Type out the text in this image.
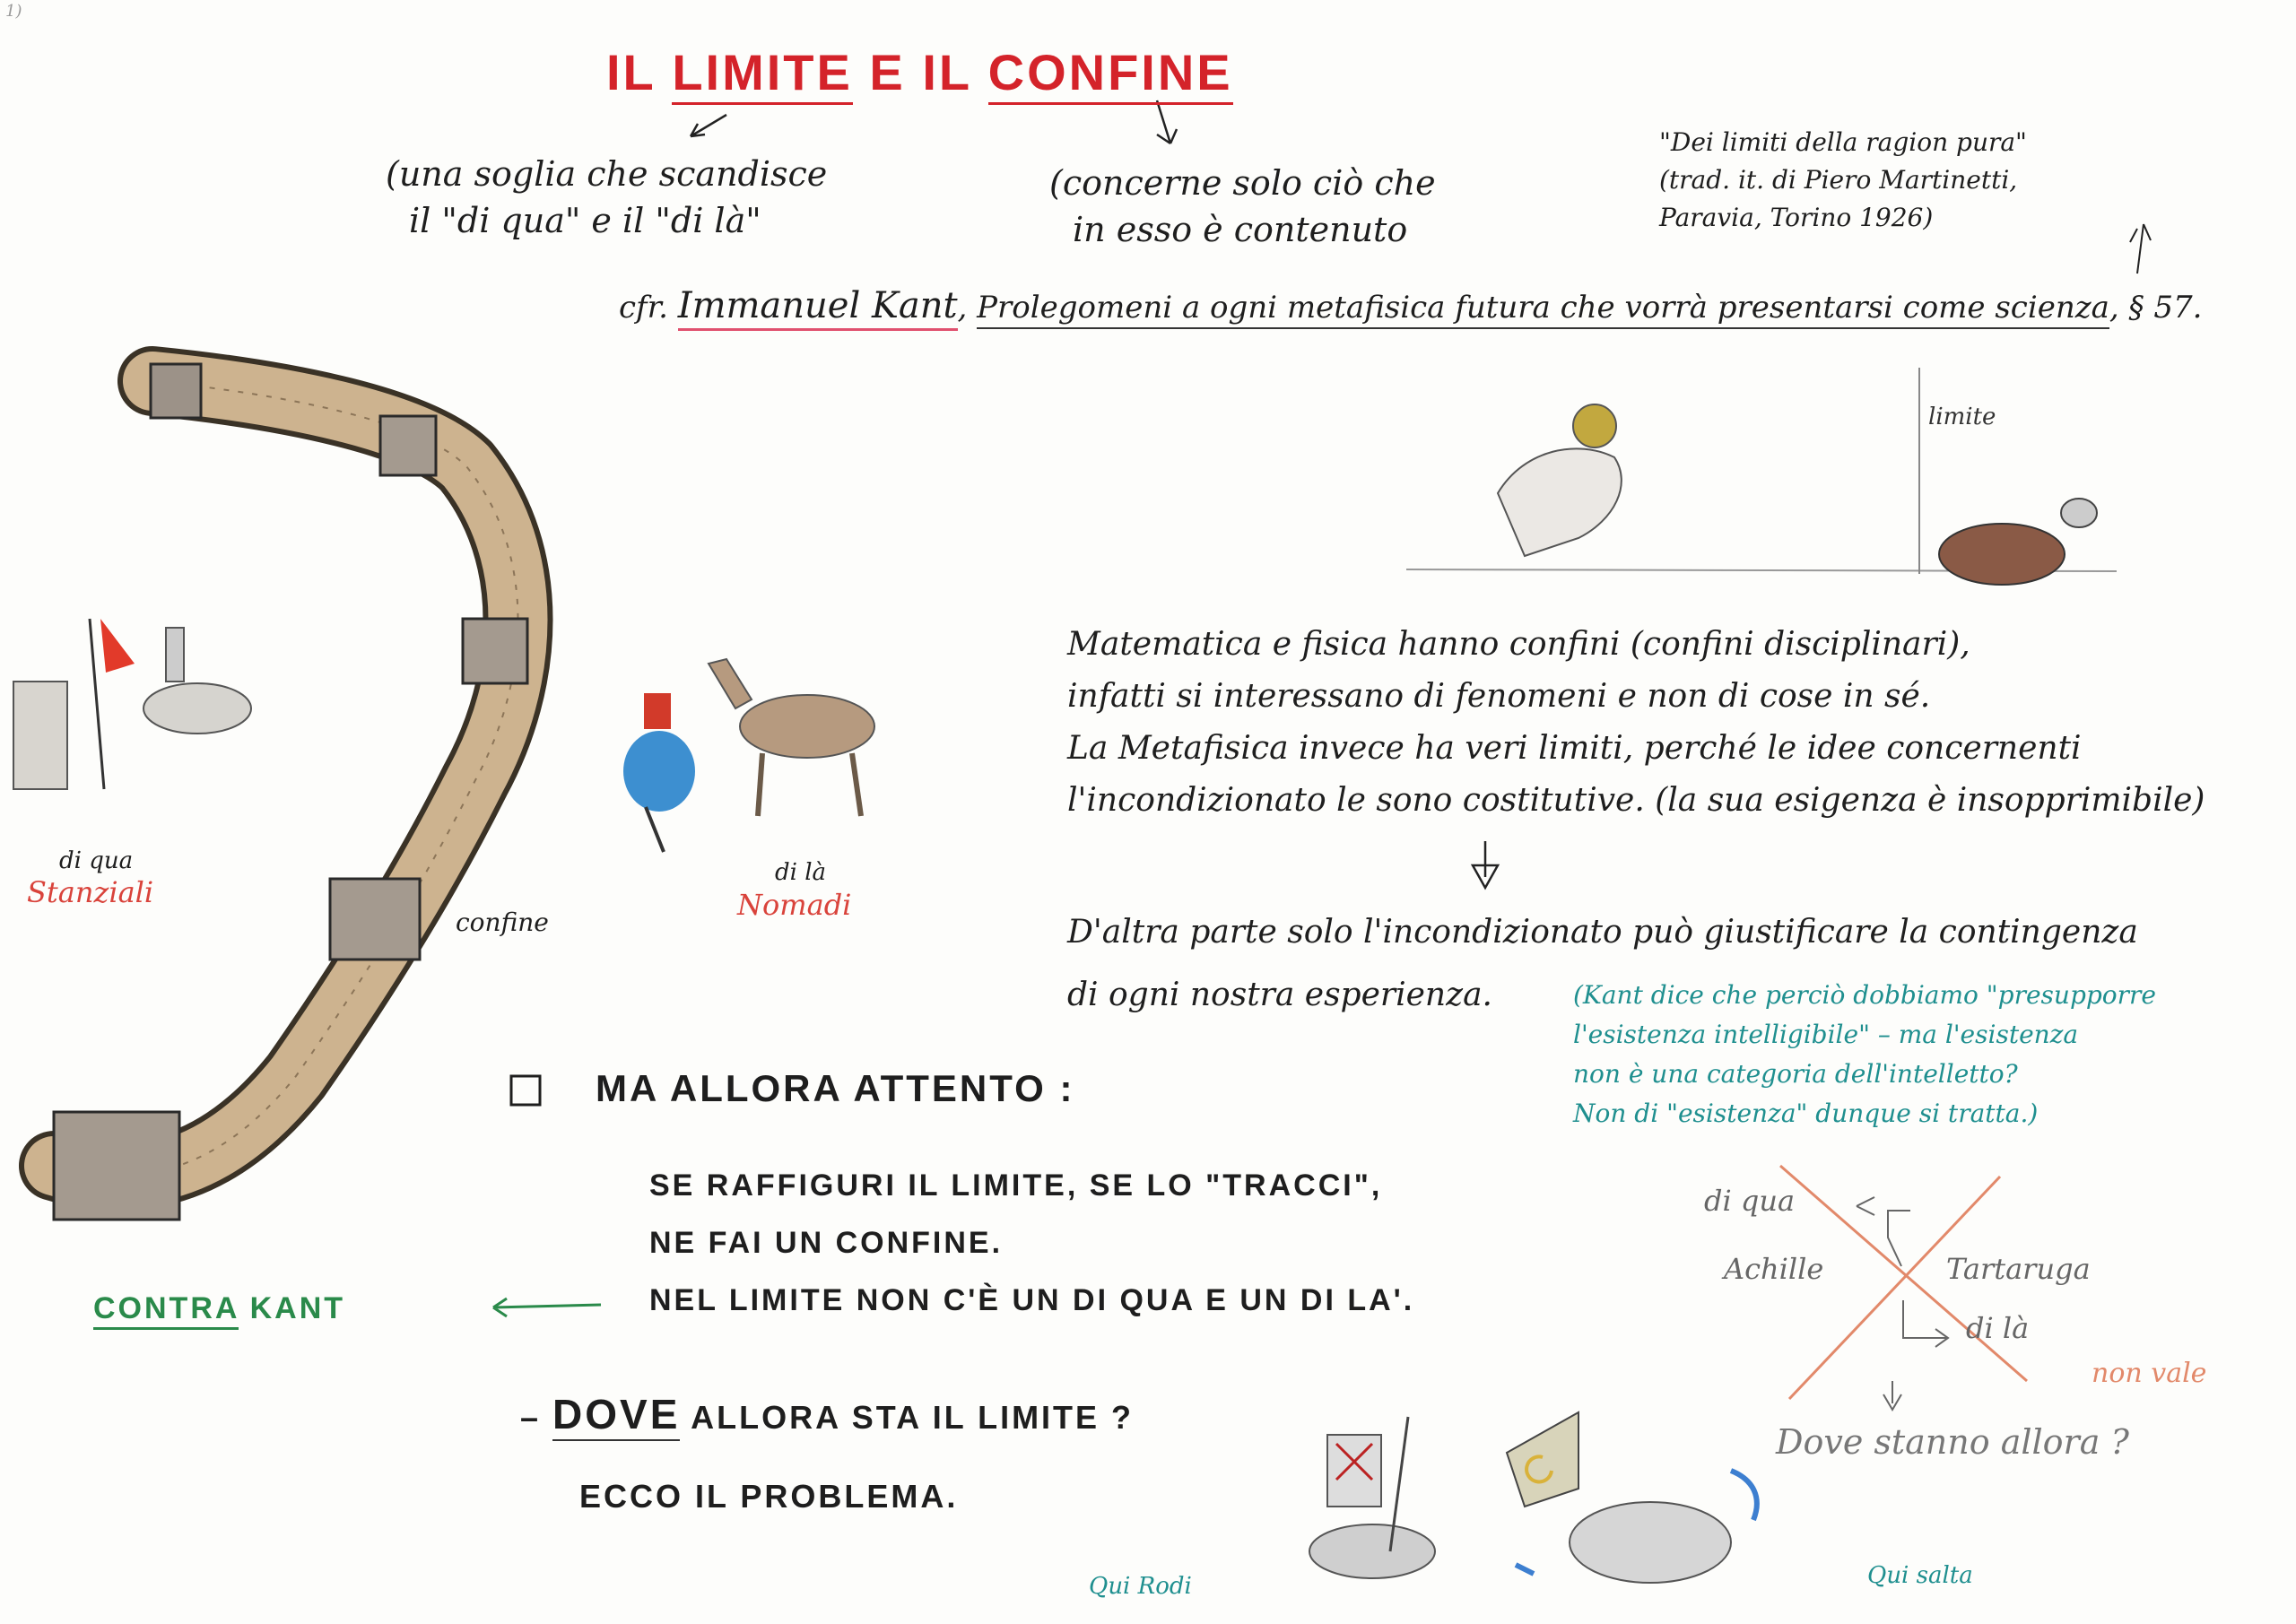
1)
IL LIMITE E IL CONFINE
(una soglia che scandisce
il "di qua" e il "di là"
(concerne solo ciò che
in esso è contenuto
"Dei limiti della ragion pura"
(trad. it. di Piero Martinetti,
Paravia, Torino 1926)
cfr. Immanuel Kant, Prolegomeni a ogni metafisica futura che vorrà presentarsi come scienza, § 57.
limite
di qua
Stanziali
confine
di là
Nomadi
Matematica e fisica hanno confini (confini disciplinari),
infatti si interessano di fenomeni e non di cose in sé.
La Metafisica invece ha veri limiti, perché le idee concernenti
l'incondizionato le sono costitutive. (la sua esigenza è insopprimibile)
D'altra parte solo l'incondizionato può giustificare la contingenza
di ogni nostra esperienza.	(Kant dice che perciò dobbiamo "presupporre
l'esistenza intelligibile" – ma l'esistenza
non è una categoria dell'intelletto?
Non di "esistenza" dunque si tratta.)
MA ALLORA ATTENTO :
SE RAFFIGURI IL LIMITE, SE LO "TRACCI",
NE FAI UN CONFINE.
NEL LIMITE NON C'È UN DI QUA E UN DI LA'.
CONTRA KANT
– DOVE ALLORA STA IL LIMITE ?
ECCO IL PROBLEMA.
di qua
Achille	Tartaruga
di là
non vale
Dove stanno allora ?
Qui Rodi	Qui salta
